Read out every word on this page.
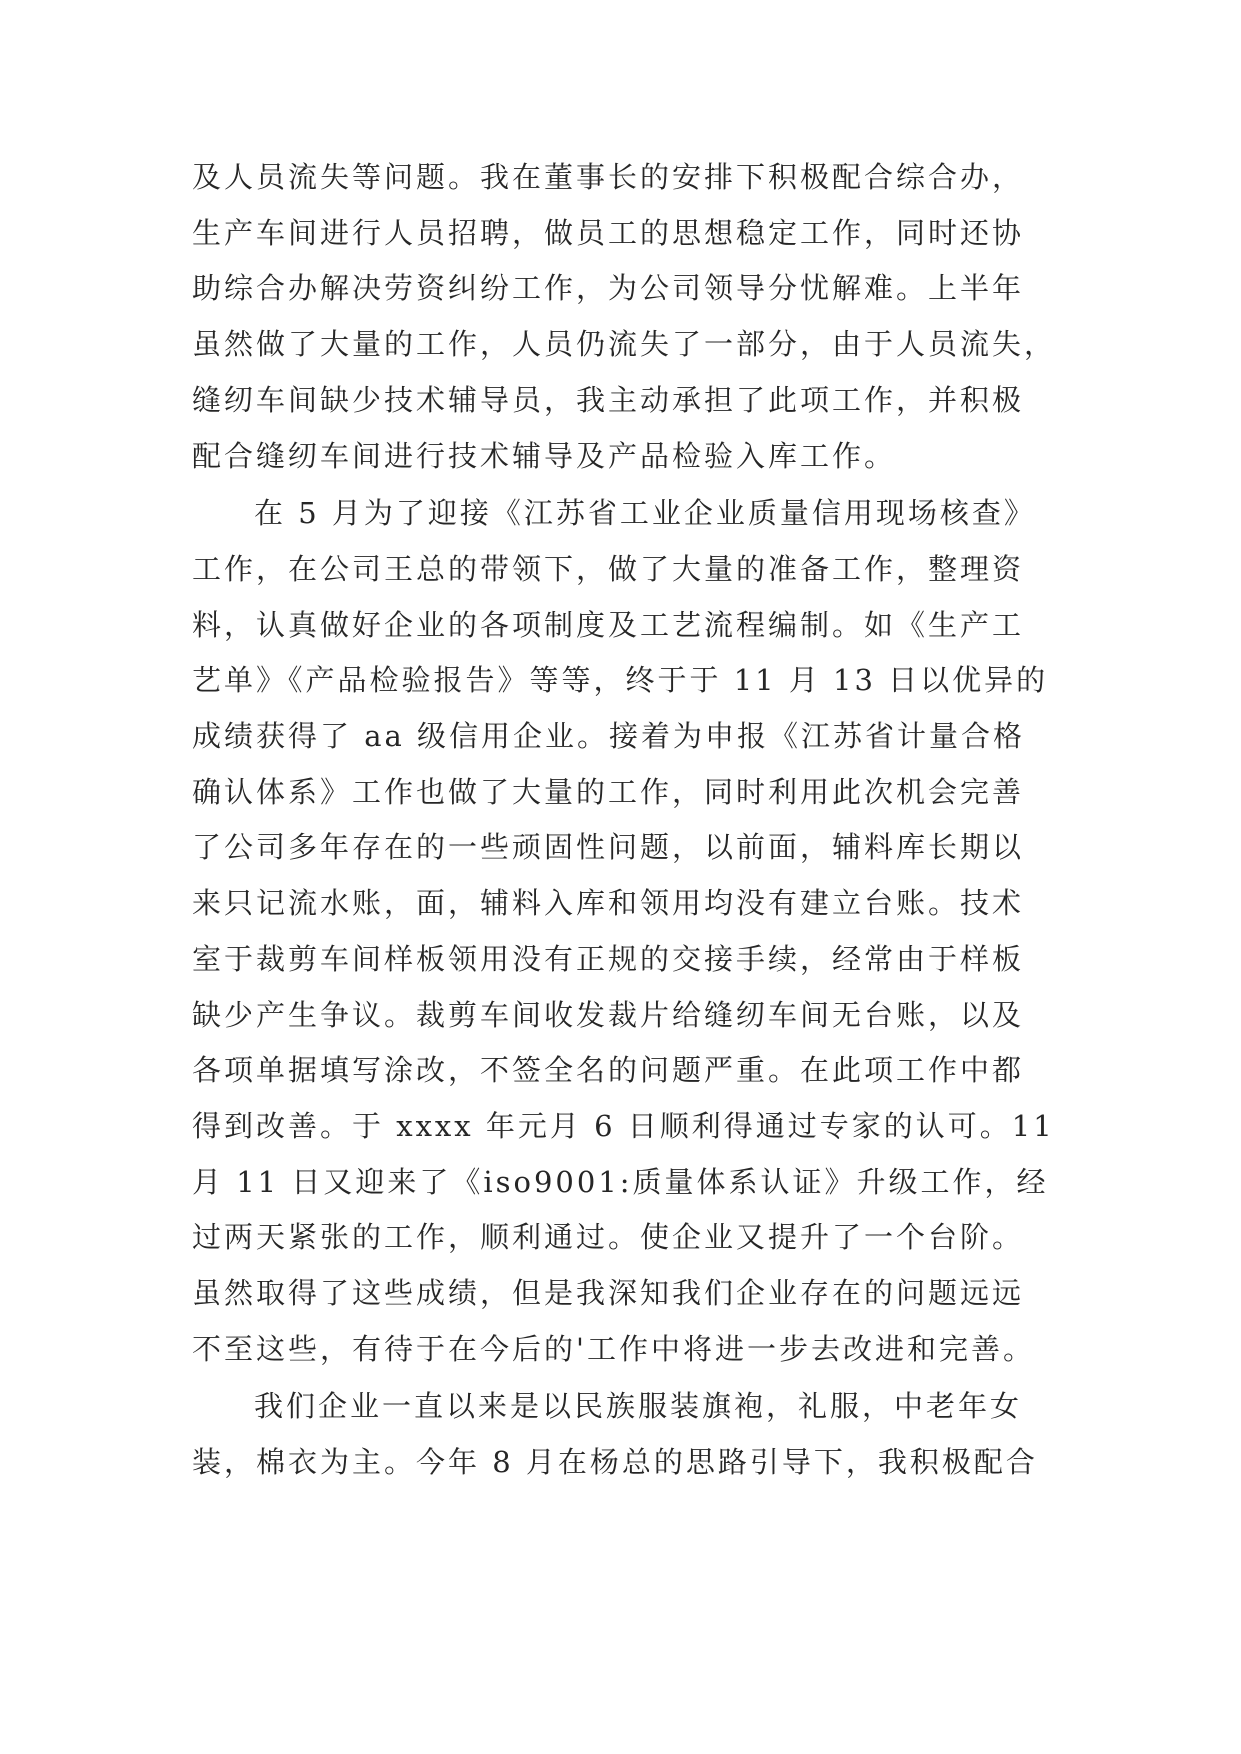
及人员流失等问题。我在董事长的安排下积极配合综合办，
生产车间进行人员招聘，做员工的思想稳定工作，同时还协
助综合办解决劳资纠纷工作，为公司领导分忧解难。上半年
虽然做了大量的工作，人员仍流失了一部分，由于人员流失，
缝纫车间缺少技术辅导员，我主动承担了此项工作，并积极
配合缝纫车间进行技术辅导及产品检验入库工作。

在 5 月为了迎接《江苏省工业企业质量信用现场核查》
工作，在公司王总的带领下，做了大量的准备工作，整理资
料，认真做好企业的各项制度及工艺流程编制。如《生产工
艺单》《产品检验报告》等等，终于于 11 月 13 日以优异的
成绩获得了 aa 级信用企业。接着为申报《江苏省计量合格
确认体系》工作也做了大量的工作，同时利用此次机会完善
了公司多年存在的一些顽固性问题，以前面，辅料库长期以
来只记流水账，面，辅料入库和领用均没有建立台账。技术
室于裁剪车间样板领用没有正规的交接手续，经常由于样板
缺少产生争议。裁剪车间收发裁片给缝纫车间无台账，以及
各项单据填写涂改，不签全名的问题严重。在此项工作中都
得到改善。于 xxxx 年元月 6 日顺利得通过专家的认可。11
月 11 日又迎来了《iso9001:质量体系认证》升级工作，经
过两天紧张的工作，顺利通过。使企业又提升了一个台阶。
虽然取得了这些成绩，但是我深知我们企业存在的问题远远
不至这些，有待于在今后的'工作中将进一步去改进和完善。

我们企业一直以来是以民族服装旗袍，礼服，中老年女
装，棉衣为主。今年 8 月在杨总的思路引导下，我积极配合
